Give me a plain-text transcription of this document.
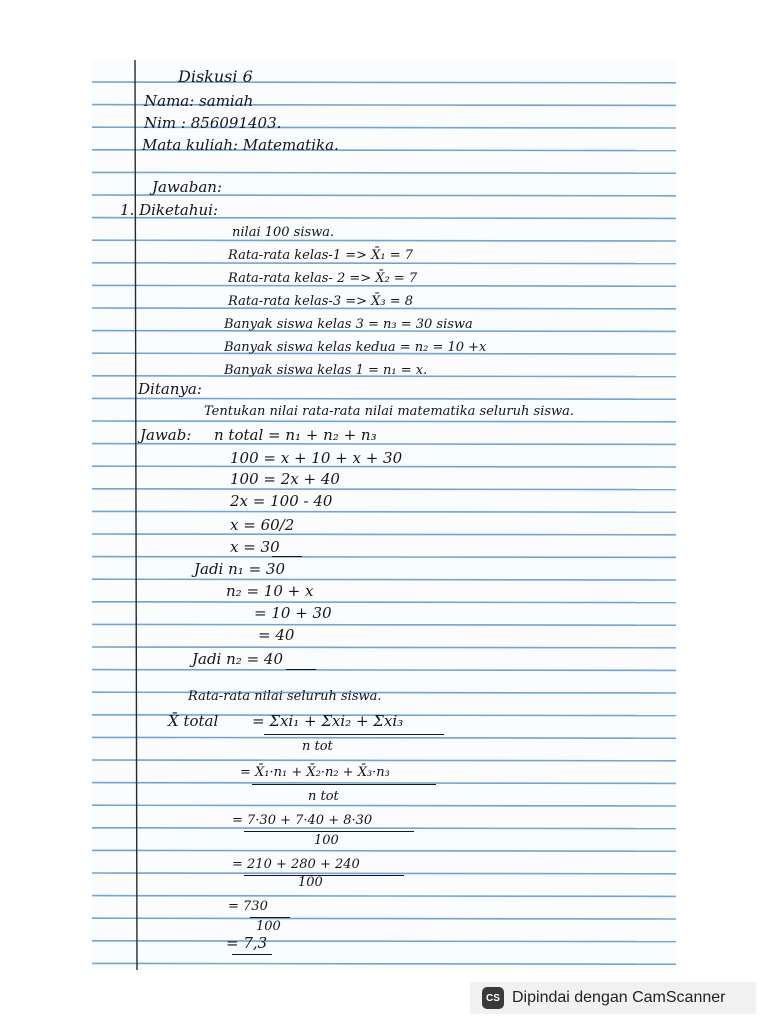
Diskusi 6
Nama: samiah
Nim : 856091403.
Mata kuliah: Matematika.
Jawaban:
1. Diketahui:
nilai 100 siswa.
Rata-rata kelas-1 => X̄₁ = 7
Rata-rata kelas- 2 => X̄₂ = 7
Rata-rata kelas-3 => X̄₃ = 8
Banyak siswa kelas 3 = n₃ = 30 siswa
Banyak siswa kelas kedua = n₂ = 10 +x
Banyak siswa kelas 1 = n₁ = x.
Ditanya:
Tentukan nilai rata-rata nilai matematika seluruh siswa.
Jawab: n total = n₁ + n₂ + n₃
100 = x + 10 + x + 30
100 = 2x + 40
2x = 100 - 40
x = 60/2
x = 30
Jadi n₁ = 30
n₂ = 10 + x
= 10 + 30
= 40
Jadi n₂ = 40
Rata-rata nilai seluruh siswa.
X̄ total = Σxi₁ + Σxi₂ + Σxi₃
n tot
= X̄₁·n₁ + X̄₂·n₂ + X̄₃·n₃
n tot
= 7·30 + 7·40 + 8·30
100
= 210 + 280 + 240
100
= 730
100
= 7,3
CS Dipindai dengan CamScanner
